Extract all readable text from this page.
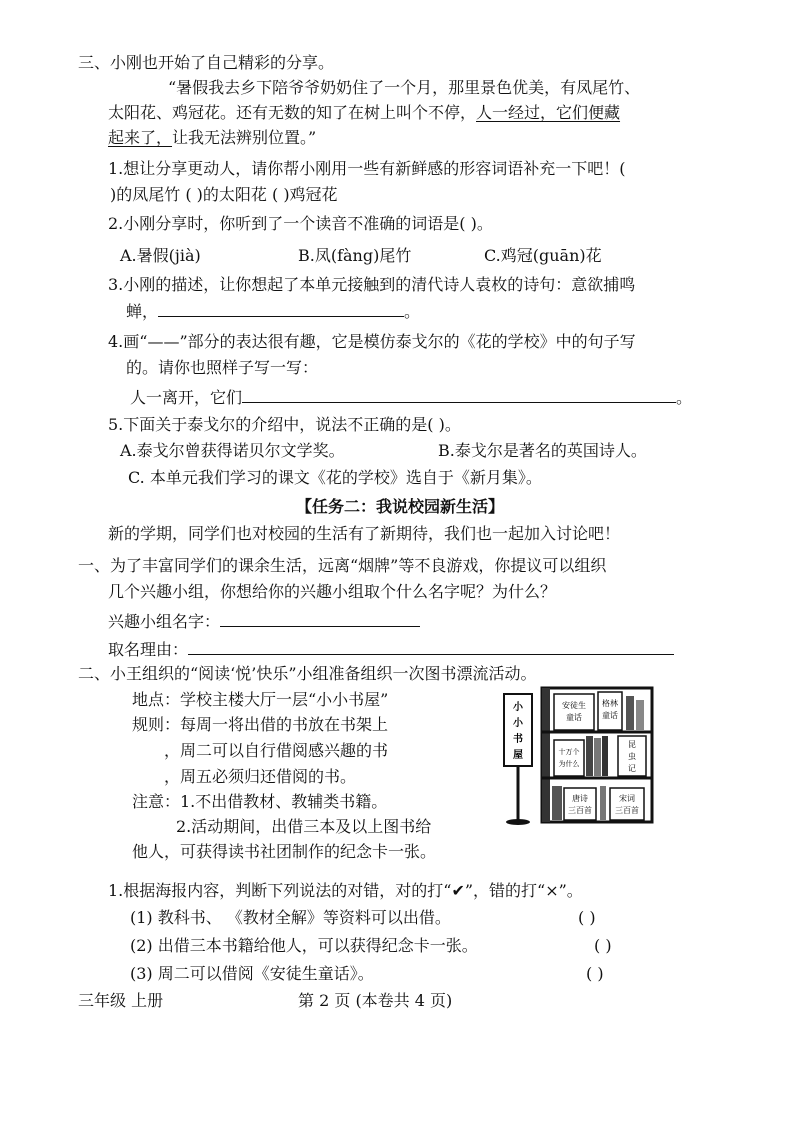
三、小刚也开始了自己精彩的分享。
“暑假我去乡下陪爷爷奶奶住了一个月，那里景色优美，有凤尾竹、
太阳花、鸡冠花。还有无数的知了在树上叫个不停，人一经过，它们便藏
起来了，让我无法辨别位置。”
1.想让分享更动人，请你帮小刚用一些有新鲜感的形容词语补充一下吧！(
)的凤尾竹 ( )的太阳花 ( )鸡冠花
2.小刚分享时，你听到了一个读音不准确的词语是( )。
A.暑假(jià)	B.凤(fàng)尾竹	C.鸡冠(guān)花
3.小刚的描述，让你想起了本单元接触到的清代诗人袁枚的诗句：意欲捕鸣
蝉，	。
4.画“——”部分的表达很有趣，它是模仿泰戈尔的《花的学校》中的句子写
的。请你也照样子写一写：
人一离开，它们	。
5.下面关于泰戈尔的介绍中，说法不正确的是( )。
A.泰戈尔曾获得诺贝尔文学奖。	B.泰戈尔是著名的英国诗人。
C. 本单元我们学习的课文《花的学校》选自于《新月集》。
【任务二：我说校园新生活】
新的学期，同学们也对校园的生活有了新期待，我们也一起加入讨论吧！
一、为了丰富同学们的课余生活，远离“烟牌”等不良游戏，你提议可以组织
几个兴趣小组，你想给你的兴趣小组取个什么名字呢？为什么？
兴趣小组名字：
取名理由：
二、小王组织的“阅读‘悦’快乐”小组准备组织一次图书漂流活动。
地点：学校主楼大厅一层“小小书屋”
规则：每周一将出借的书放在书架上
，周二可以自行借阅感兴趣的书
，周五必须归还借阅的书。
注意：1.不出借教材、教辅类书籍。
2.活动期间，出借三本及以上图书给
他人，可获得读书社团制作的纪念卡一张。
小
小
书
屋
安徒生
童话
格林
童话
十万个
为什么
昆
虫
记
唐诗
三百首
宋词
三百首
1.根据海报内容，判断下列说法的对错，对的打“✔”，错的打“×”。
(1) 教科书、 《教材全解》等资料可以出借。	( )
(2) 出借三本书籍给他人，可以获得纪念卡一张。	( )
(3) 周二可以借阅《安徒生童话》。	( )
三年级 上册	第 2 页 (本卷共 4 页)
